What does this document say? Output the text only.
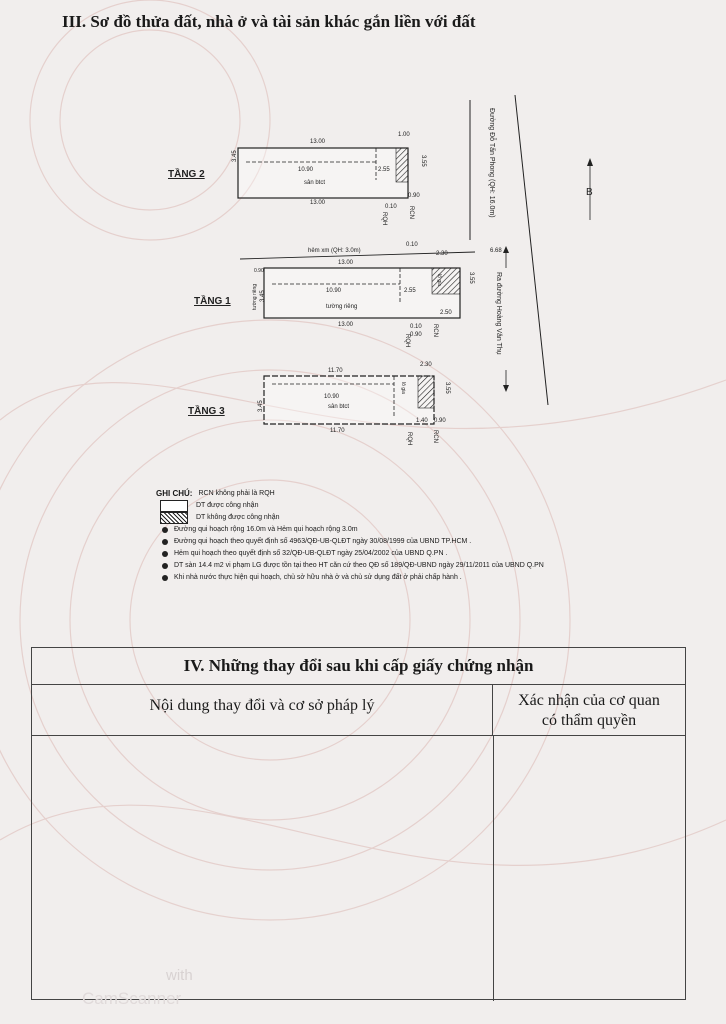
III. Sơ đồ thửa đất, nhà ở và tài sản khác gắn liền với đất
Đường Đỗ Tấn Phong (QH: 16.0m)	B
TẦNG 2
13.00
1.00
10.90
sân btct
2.55
3.55
3.45
13.00
0.90
0.10
RQH	RCN
hẻm xm (QH: 3.0m)
0.10
2.30	6.68
TẦNG 1
13.00
10.90
tường riêng
2.55
lô gia	3.55
3.45
tường riêng
0.90
13.00	0.10
0.90
2.50
RQH
RCN	Ra đường Hoàng Văn Thụ
TẦNG 3
11.70
2.30
10.90
sân btct
lô gia	3.55
3.45
11.70
1.40 0.90
RQH	RCN
GHI CHÚ: RCN không phải là RQH
DT được công nhận
DT không được công nhận
Đường qui hoạch rộng 16.0m và Hẻm qui hoạch rộng 3.0m
Đường qui hoạch theo quyết định số 4963/QĐ-UB-QLĐT ngày 30/08/1999 của UBND TP.HCM .
Hẻm qui hoạch theo quyết định số 32/QĐ-UB-QLĐT ngày 25/04/2002 của UBND Q.PN .
DT sàn 14.4 m2 vi phạm LG được tồn tại theo HT căn cứ theo QĐ số 189/QĐ-UBND ngày 29/11/2011 của UBND Q.PN
Khi nhà nước thực hiện qui hoạch, chủ sở hữu nhà ở và chủ sử dụng đất ở phải chấp hành .
IV. Những thay đổi sau khi cấp giấy chứng nhận
Nội dung thay đổi và cơ sở pháp lý	Xác nhận của cơ quan
có thẩm quyền
with
CamScanner
